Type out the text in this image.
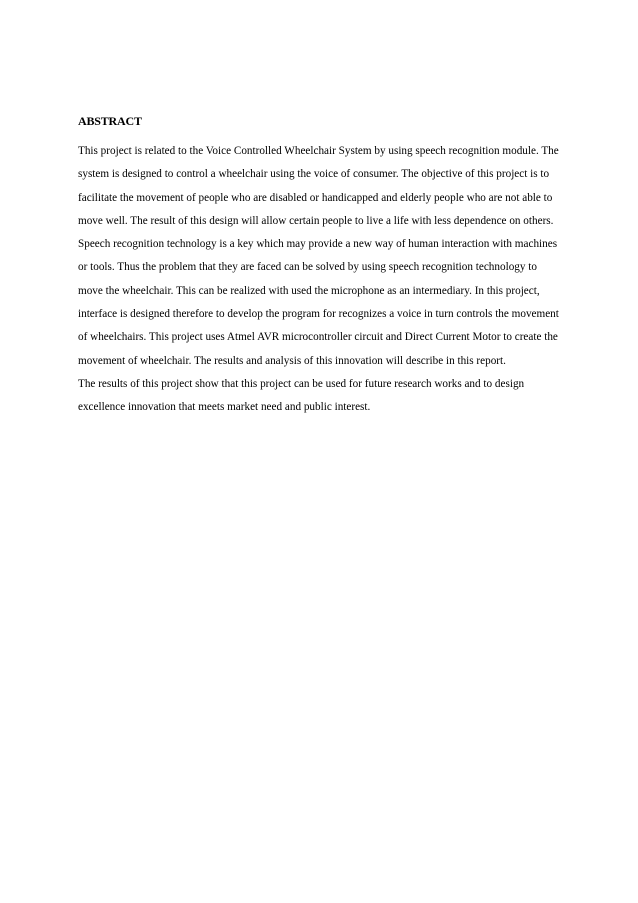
ABSTRACT

This project is related to the Voice Controlled Wheelchair System by using speech recognition module. The system is designed to control a wheelchair using the voice of consumer. The objective of this project is to facilitate the movement of people who are disabled or handicapped and elderly people who are not able to move well. The result of this design will allow certain people to live a life with less dependence on others. Speech recognition technology is a key which may provide a new way of human interaction with machines or tools. Thus the problem that they are faced can be solved by using speech recognition technology to move the wheelchair. This can be realized with used the microphone as an intermediary. In this project, interface is designed therefore to develop the program for recognizes a voice in turn controls the movement of wheelchairs. This project uses Atmel AVR microcontroller circuit and Direct Current Motor to create the movement of wheelchair. The results and analysis of this innovation will describe in this report.

The results of this project show that this project can be used for future research works and to design excellence innovation that meets market need and public interest.
